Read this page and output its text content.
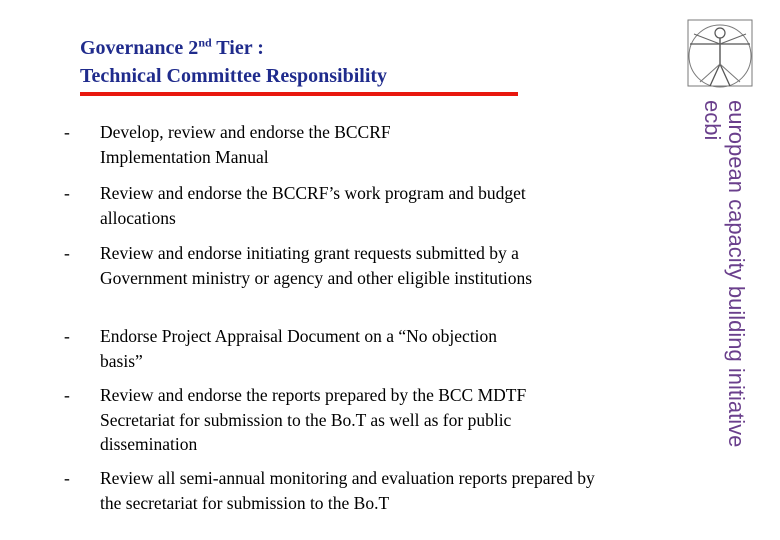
Governance 2nd Tier :
Technical Committee Responsibility
-	Develop, review and endorse the BCCRF Implementation Manual
-	Review and endorse the BCCRF’s work program and budget allocations
-	Review and endorse initiating grant requests submitted by a Government ministry or agency and other eligible institutions
-	Endorse Project Appraisal Document on a “No objection basis”
-	Review and endorse the reports prepared by the BCC MDTF Secretariat for submission to the Bo.T as well as for public dissemination
-	Review all semi-annual monitoring and evaluation reports prepared by the secretariat for submission to the Bo.T
european capacity building initiative
ecbi
